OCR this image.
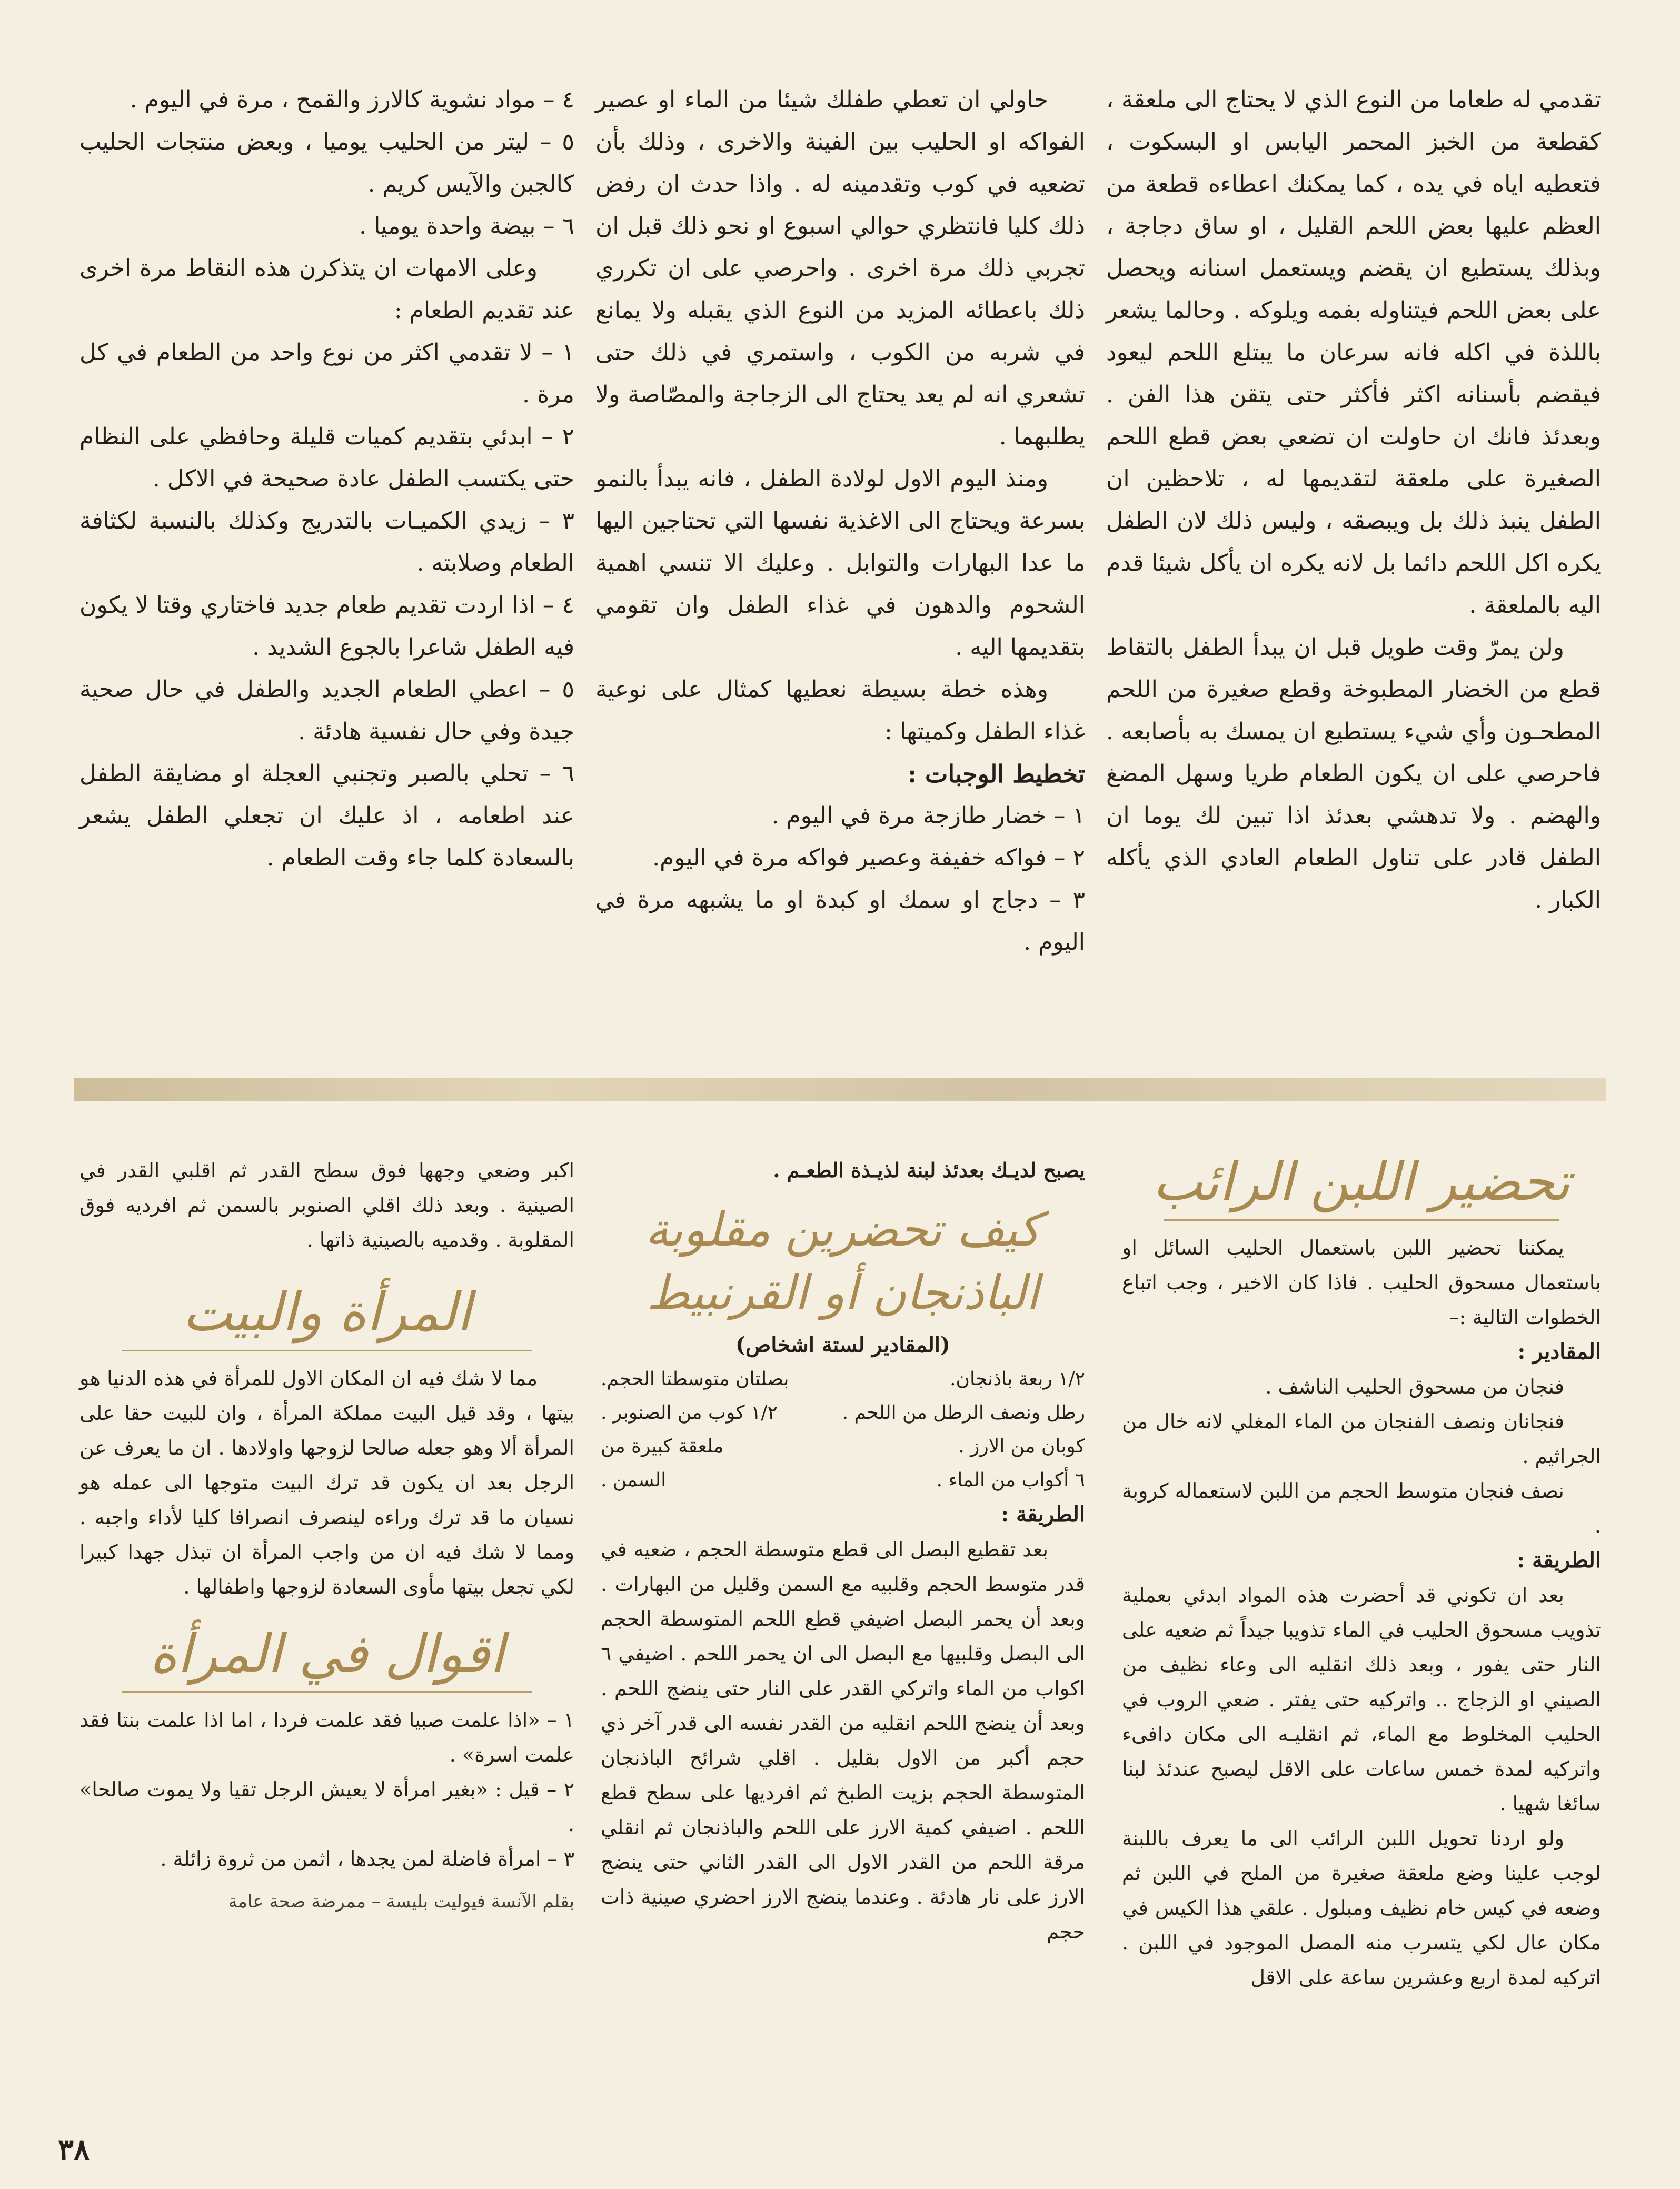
تقدمي له طعاما من النوع الذي لا يحتاج الى ملعقة ، كقطعة من الخبز المحمر اليابس او البسكوت ، فتعطيه اياه في يده ، كما يمكنك اعطاءه قطعة من العظم عليها بعض اللحم القليل ، او ساق دجاجة ، وبذلك يستطيع ان يقضم ويستعمل اسنانه ويحصل على بعض اللحم فيتناوله بفمه ويلوكه . وحالما يشعر باللذة في اكله فانه سرعان ما يبتلع اللحم ليعود فيقضم بأسنانه اكثر فأكثر حتى يتقن هذا الفن . وبعدئذ فانك ان حاولت ان تضعي بعض قطع اللحم الصغيرة على ملعقة لتقديمها له ، تلاحظين ان الطفل ينبذ ذلك بل ويبصقه ، وليس ذلك لان الطفل يكره اكل اللحم دائما بل لانه يكره ان يأكل شيئا قدم اليه بالملعقة .

ولن يمرّ وقت طويل قبل ان يبدأ الطفل بالتقاط قطع من الخضار المطبوخة وقطع صغيرة من اللحم المطحـون وأي شيء يستطيع ان يمسك به بأصابعه . فاحرصي على ان يكون الطعام طريا وسهل المضغ والهضم . ولا تدهشي بعدئذ اذا تبين لك يوما ان الطفل قادر على تناول الطعام العادي الذي يأكله الكبار .

حاولي ان تعطي طفلك شيئا من الماء او عصير الفواكه او الحليب بين الفينة والاخرى ، وذلك بأن تضعيه في كوب وتقدمينه له . واذا حدث ان رفض ذلك كليا فانتظري حوالي اسبوع او نحو ذلك قبل ان تجربي ذلك مرة اخرى . واحرصي على ان تكرري ذلك باعطائه المزيد من النوع الذي يقبله ولا يمانع في شربه من الكوب ، واستمري في ذلك حتى تشعري انه لم يعد يحتاج الى الزجاجة والمصّاصة ولا يطلبهما .

ومنذ اليوم الاول لولادة الطفل ، فانه يبدأ بالنمو بسرعة ويحتاج الى الاغذية نفسها التي تحتاجين اليها ما عدا البهارات والتوابل . وعليك الا تنسي اهمية الشحوم والدهون في غذاء الطفل وان تقومي بتقديمها اليه .

وهذه خطة بسيطة نعطيها كمثال على نوعية غذاء الطفل وكميتها :

تخطيط الوجبات :

١ – خضار طازجة مرة في اليوم .

٢ – فواكه خفيفة وعصير فواكه مرة في اليوم.

٣ – دجاج او سمك او كبدة او ما يشبهه مرة في اليوم .

٤ – مواد نشوية كالارز والقمح ، مرة في اليوم .

٥ – ليتر من الحليب يوميا ، وبعض منتجات الحليب كالجبن والآيس كريم .

٦ – بيضة واحدة يوميا .

وعلى الامهات ان يتذكرن هذه النقاط مرة اخرى عند تقديم الطعام :

١ – لا تقدمي اكثر من نوع واحد من الطعام في كل مرة .

٢ – ابدئي بتقديم كميات قليلة وحافظي على النظام حتى يكتسب الطفل عادة صحيحة في الاكل .

٣ – زيدي الكميـات بالتدريج وكذلك بالنسبة لكثافة الطعام وصلابته .

٤ – اذا اردت تقديم طعام جديد فاختاري وقتا لا يكون فيه الطفل شاعرا بالجوع الشديد .

٥ – اعطي الطعام الجديد والطفل في حال صحية جيدة وفي حال نفسية هادئة .

٦ – تحلي بالصبر وتجنبي العجلة او مضايقة الطفل عند اطعامه ، اذ عليك ان تجعلي الطفل يشعر بالسعادة كلما جاء وقت الطعام .

تحضير اللبن الرائب

يمكننا تحضير اللبن باستعمال الحليب السائل او باستعمال مسحوق الحليب . فاذا كان الاخير ، وجب اتباع الخطوات التالية :–

المقادير :

فنجان من مسحوق الحليب الناشف .

فنجانان ونصف الفنجان من الماء المغلي لانه خال من الجراثيم .

نصف فنجان متوسط الحجم من اللبن لاستعماله كروبة .

الطريقة :

بعد ان تكوني قد أحضرت هذه المواد ابدئي بعملية تذويب مسحوق الحليب في الماء تذويبا جيداً ثم ضعيه على النار حتى يفور ، وبعد ذلك انقليه الى وعاء نظيف من الصيني او الزجاج .. واتركيه حتى يفتر . ضعي الروب في الحليب المخلوط مع الماء، ثم انقليـه الى مكان دافىء واتركيه لمدة خمس ساعات على الاقل ليصبح عندئذ لبنا سائغا شهيا .

ولو اردنا تحويل اللبن الرائب الى ما يعرف باللبنة لوجب علينا وضع ملعقة صغيرة من الملح في اللبن ثم وضعه في كيس خام نظيف ومبلول . علقي هذا الكيس في مكان عال لكي يتسرب منه المصل الموجود في اللبن . اتركيه لمدة اربع وعشرين ساعة على الاقل

يصبح لديـك بعدئذ لبنة لذيـذة الطعـم .

كيف تحضرين مقلوبة
الباذنجان أو القرنبيط

(المقادير لستة اشخاص)

١/٢ ربعة باذنجان.
بصلتان متوسطتا الحجم.
رطل ونصف الرطل من اللحم .
١/٢ كوب من الصنوبر .
كوبان من الارز .
ملعقة كبيرة من
٦ أكواب من الماء .
السمن .

الطريقة :

بعد تقطيع البصل الى قطع متوسطة الحجم ، ضعيه في قدر متوسط الحجم وقلبيه مع السمن وقليل من البهارات . وبعد أن يحمر البصل اضيفي قطع اللحم المتوسطة الحجم الى البصل وقلبيها مع البصل الى ان يحمر اللحم . اضيفي ٦ اكواب من الماء واتركي القدر على النار حتى ينضج اللحم . وبعد أن ينضج اللحم انقليه من القدر نفسه الى قدر آخر ذي حجم أكبر من الاول بقليل . اقلي شرائح الباذنجان المتوسطة الحجم بزيت الطبخ ثم افرديها على سطح قطع اللحم . اضيفي كمية الارز على اللحم والباذنجان ثم انقلي مرقة اللحم من القدر الاول الى القدر الثاني حتى ينضج الارز على نار هادئة . وعندما ينضج الارز احضري صينية ذات حجم

اكبر وضعي وجهها فوق سطح القدر ثم اقلبي القدر في الصينية . وبعد ذلك اقلي الصنوبر بالسمن ثم افرديه فوق المقلوبة . وقدميه بالصينية ذاتها .

المرأة والبيت

مما لا شك فيه ان المكان الاول للمرأة في هذه الدنيا هو بيتها ، وقد قيل البيت مملكة المرأة ، وان للبيت حقا على المرأة ألا وهو جعله صالحا لزوجها واولادها . ان ما يعرف عن الرجل بعد ان يكون قد ترك البيت متوجها الى عمله هو نسيان ما قد ترك وراءه لينصرف انصرافا كليا لأداء واجبه . ومما لا شك فيه ان من واجب المرأة ان تبذل جهدا كبيرا لكي تجعل بيتها مأوى السعادة لزوجها واطفالها .

اقوال في المرأة

١ – «اذا علمت صبيا فقد علمت فردا ، اما اذا علمت بنتا فقد علمت اسرة» .

٢ – قيل : «بغير امرأة لا يعيش الرجل تقيا ولا يموت صالحا» .

٣ – امرأة فاضلة لمن يجدها ، اثمن من ثروة زائلة .

بقلم الآنسة فيوليت بليسة – ممرضة صحة عامة

٣٨
